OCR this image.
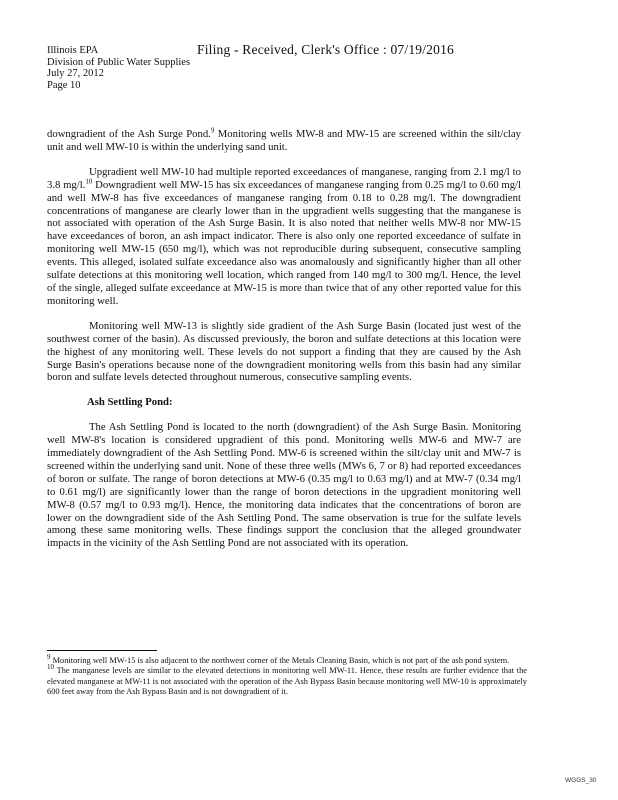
Illinois EPA
Division of Public Water Supplies
July 27, 2012
Page 10
Filing - Received, Clerk's Office : 07/19/2016

downgradient of the Ash Surge Pond.$^9$ Monitoring wells MW-8 and MW-15 are screened within the silt/clay unit and well MW-10 is within the underlying sand unit.

Upgradient well MW-10 had multiple reported exceedances of manganese, ranging from 2.1 mg/l to 3.8 mg/l.$^{10}$ Downgradient well MW-15 has six exceedances of manganese ranging from 0.25 mg/l to 0.60 mg/l and well MW-8 has five exceedances of manganese ranging from 0.18 to 0.28 mg/l. The downgradient concentrations of manganese are clearly lower than in the upgradient wells suggesting that the manganese is not associated with operation of the Ash Surge Basin. It is also noted that neither wells MW-8 nor MW-15 have exceedances of boron, an ash impact indicator. There is also only one reported exceedance of sulfate in monitoring well MW-15 (650 mg/l), which was not reproducible during subsequent, consecutive sampling events. This alleged, isolated sulfate exceedance also was anomalously and significantly higher than all other sulfate detections at this monitoring well location, which ranged from 140 mg/l to 300 mg/l. Hence, the level of the single, alleged sulfate exceedance at MW-15 is more than twice that of any other reported value for this monitoring well.

Monitoring well MW-13 is slightly side gradient of the Ash Surge Basin (located just west of the southwest corner of the basin). As discussed previously, the boron and sulfate detections at this location were the highest of any monitoring well. These levels do not support a finding that they are caused by the Ash Surge Basin's operations because none of the downgradient monitoring wells from this basin had any similar boron and sulfate levels detected throughout numerous, consecutive sampling events.

Ash Settling Pond:

The Ash Settling Pond is located to the north (downgradient) of the Ash Surge Basin. Monitoring well MW-8's location is considered upgradient of this pond. Monitoring wells MW-6 and MW-7 are immediately downgradient of the Ash Settling Pond. MW-6 is screened within the silt/clay unit and MW-7 is screened within the underlying sand unit. None of these three wells (MWs 6, 7 or 8) had reported exceedances of boron or sulfate. The range of boron detections at MW-6 (0.35 mg/l to 0.63 mg/l) and at MW-7 (0.34 mg/l to 0.61 mg/l) are significantly lower than the range of boron detections in the upgradient monitoring well MW-8 (0.57 mg/l to 0.93 mg/l). Hence, the monitoring data indicates that the concentrations of boron are lower on the downgradient side of the Ash Settling Pond. The same observation is true for the sulfate levels among these same monitoring wells. These findings support the conclusion that the alleged groundwater impacts in the vicinity of the Ash Settling Pond are not associated with its operation.

$^9$ Monitoring well MW-15 is also adjacent to the northwest corner of the Metals Cleaning Basin, which is not part of the ash pond system.

$^{10}$ The manganese levels are similar to the elevated detections in monitoring well MW-11. Hence, these results are further evidence that the elevated manganese at MW-11 is not associated with the operation of the Ash Bypass Basin because monitoring well MW-10 is approximately 600 feet away from the Ash Bypass Basin and is not downgradient of it.

WGGS_30
